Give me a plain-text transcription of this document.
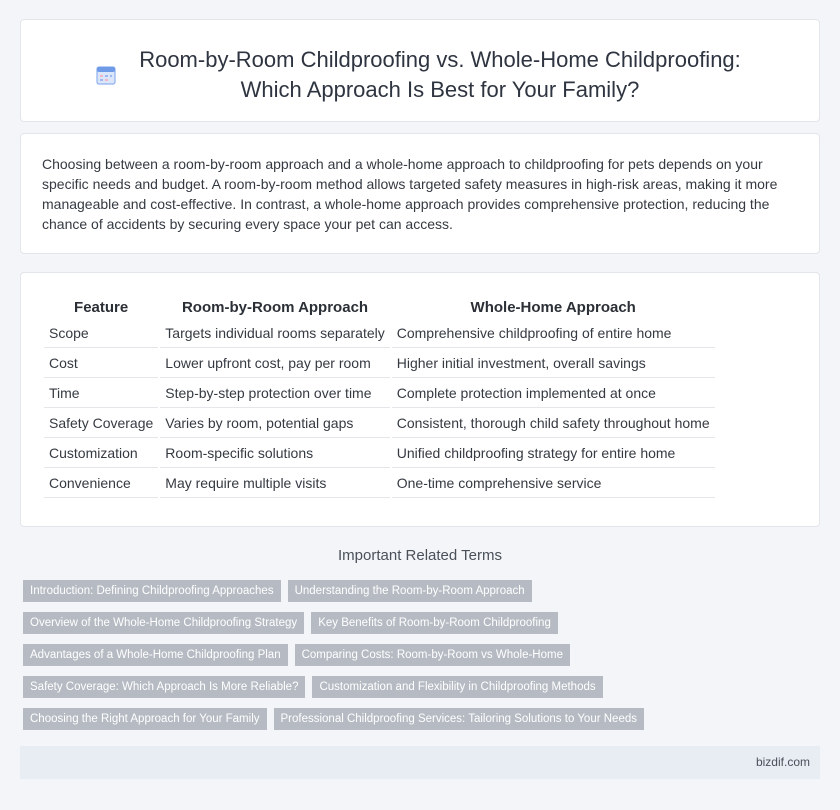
Room-by-Room Childproofing vs. Whole-Home Childproofing:
Which Approach Is Best for Your Family?
Choosing between a room-by-room approach and a whole-home approach to childproofing for pets depends on your specific needs and budget. A room-by-room method allows targeted safety measures in high-risk areas, making it more manageable and cost-effective. In contrast, a whole-home approach provides comprehensive protection, reducing the chance of accidents by securing every space your pet can access.
Feature	Room-by-Room Approach	Whole-Home Approach
Scope	Targets individual rooms separately	Comprehensive childproofing of entire home
Cost	Lower upfront cost, pay per room	Higher initial investment, overall savings
Time	Step-by-step protection over time	Complete protection implemented at once
Safety Coverage	Varies by room, potential gaps	Consistent, thorough child safety throughout home
Customization	Room-specific solutions	Unified childproofing strategy for entire home
Convenience	May require multiple visits	One-time comprehensive service
Important Related Terms
Introduction: Defining Childproofing Approaches	Understanding the Room-by-Room Approach
Overview of the Whole-Home Childproofing Strategy	Key Benefits of Room-by-Room Childproofing
Advantages of a Whole-Home Childproofing Plan	Comparing Costs: Room-by-Room vs Whole-Home
Safety Coverage: Which Approach Is More Reliable?	Customization and Flexibility in Childproofing Methods
Choosing the Right Approach for Your Family	Professional Childproofing Services: Tailoring Solutions to Your Needs
bizdif.com
